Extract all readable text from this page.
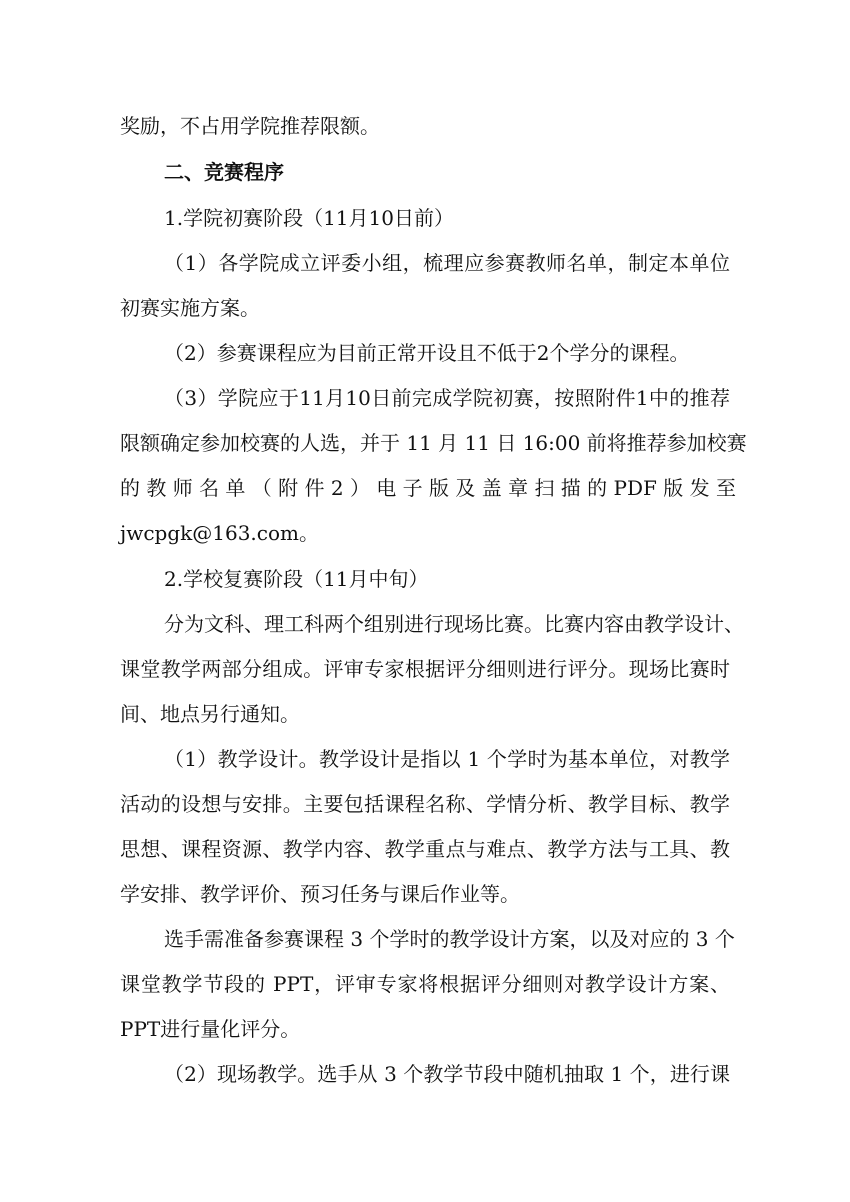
奖励，不占用学院推荐限额。
二、竞赛程序
1.学院初赛阶段（11月10日前）
（1）各学院成立评委小组，梳理应参赛教师名单，制定本单位
初赛实施方案。
（2）参赛课程应为目前正常开设且不低于2个学分的课程。
（3）学院应于11月10日前完成学院初赛，按照附件1中的推荐
限额确定参加校赛的人选，并于 11 月 11 日 16:00 前将推荐参加校赛
的 教 师 名 单 （ 附 件 2 ） 电 子 版 及 盖 章 扫 描 的 PDF 版 发 至
jwcpgk@163.com。
2.学校复赛阶段（11月中旬）
分为文科、理工科两个组别进行现场比赛。比赛内容由教学设计、
课堂教学两部分组成。评审专家根据评分细则进行评分。现场比赛时
间、地点另行通知。
（1）教学设计。教学设计是指以 1 个学时为基本单位，对教学
活动的设想与安排。主要包括课程名称、学情分析、教学目标、教学
思想、课程资源、教学内容、教学重点与难点、教学方法与工具、教
学安排、教学评价、预习任务与课后作业等。
选手需准备参赛课程 3 个学时的教学设计方案，以及对应的 3 个
课堂教学节段的 PPT，评审专家将根据评分细则对教学设计方案、
PPT进行量化评分。
（2）现场教学。选手从 3 个教学节段中随机抽取 1 个，进行课
